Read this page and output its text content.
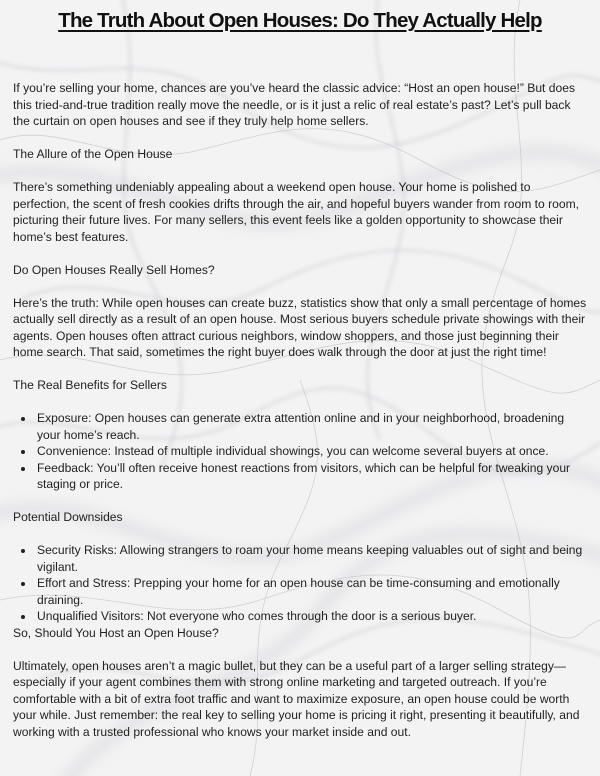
The Truth About Open Houses: Do They Actually Help

If you’re selling your home, chances are you’ve heard the classic advice: “Host an open house!” But does this tried-and-true tradition really move the needle, or is it just a relic of real estate’s past? Let’s pull back the curtain on open houses and see if they truly help home sellers.

The Allure of the Open House

There’s something undeniably appealing about a weekend open house. Your home is polished to perfection, the scent of fresh cookies drifts through the air, and hopeful buyers wander from room to room, picturing their future lives. For many sellers, this event feels like a golden opportunity to showcase their home’s best features.

Do Open Houses Really Sell Homes?

Here’s the truth: While open houses can create buzz, statistics show that only a small percentage of homes actually sell directly as a result of an open house. Most serious buyers schedule private showings with their agents. Open houses often attract curious neighbors, window shoppers, and those just beginning their home search. That said, sometimes the right buyer does walk through the door at just the right time!

The Real Benefits for Sellers
• Exposure: Open houses can generate extra attention online and in your neighborhood, broadening your home’s reach.
• Convenience: Instead of multiple individual showings, you can welcome several buyers at once.
• Feedback: You’ll often receive honest reactions from visitors, which can be helpful for tweaking your staging or price.
Potential Downsides
• Security Risks: Allowing strangers to roam your home means keeping valuables out of sight and being vigilant.
• Effort and Stress: Prepping your home for an open house can be time-consuming and emotionally draining.
• Unqualified Visitors: Not everyone who comes through the door is a serious buyer.
So, Should You Host an Open House?

Ultimately, open houses aren’t a magic bullet, but they can be a useful part of a larger selling strategy—especially if your agent combines them with strong online marketing and targeted outreach. If you’re comfortable with a bit of extra foot traffic and want to maximize exposure, an open house could be worth your while. Just remember: the real key to selling your home is pricing it right, presenting it beautifully, and working with a trusted professional who knows your market inside and out.
